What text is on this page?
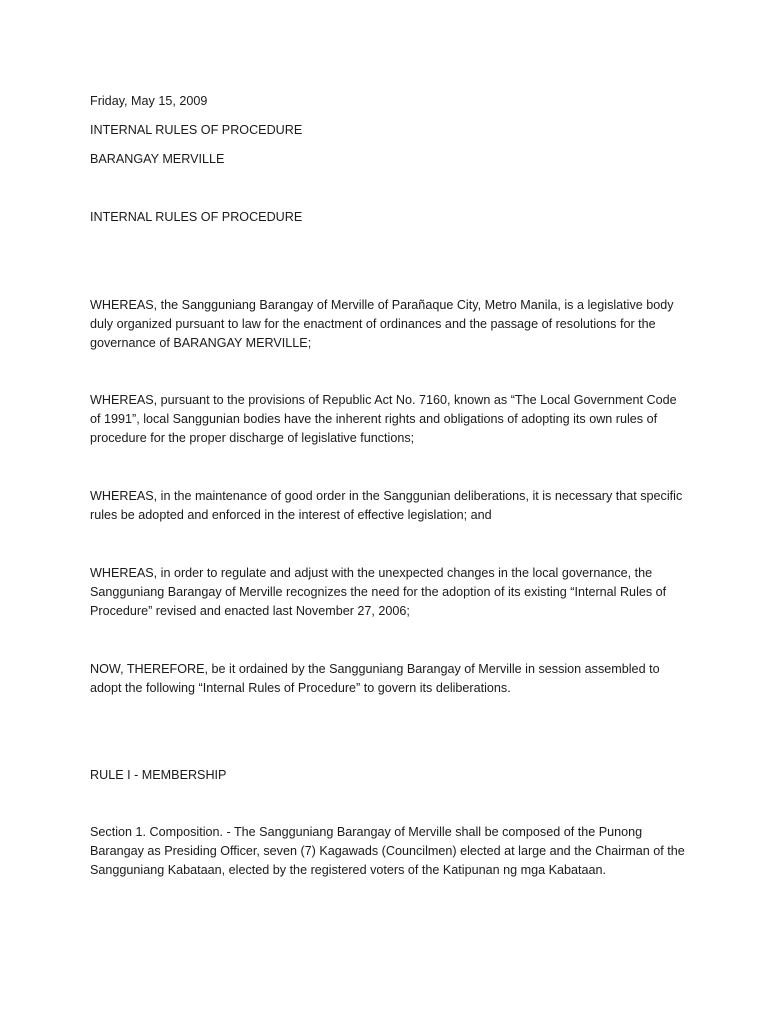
Friday, May 15, 2009

INTERNAL RULES OF PROCEDURE

BARANGAY MERVILLE

INTERNAL RULES OF PROCEDURE

WHEREAS, the Sangguniang Barangay of Merville of Parañaque City, Metro Manila, is a legislative body
duly organized pursuant to law for the enactment of ordinances and the passage of resolutions for the
governance of BARANGAY MERVILLE;
WHEREAS, pursuant to the provisions of Republic Act No. 7160, known as “The Local Government Code
of 1991”, local Sanggunian bodies have the inherent rights and obligations of adopting its own rules of
procedure for the proper discharge of legislative functions;
WHEREAS, in the maintenance of good order in the Sanggunian deliberations, it is necessary that specific
rules be adopted and enforced in the interest of effective legislation; and
WHEREAS, in order to regulate and adjust with the unexpected changes in the local governance, the
Sangguniang Barangay of Merville recognizes the need for the adoption of its existing “Internal Rules of
Procedure” revised and enacted last November 27, 2006;
NOW, THEREFORE, be it ordained by the Sangguniang Barangay of Merville in session assembled to
adopt the following “Internal Rules of Procedure” to govern its deliberations.

RULE I - MEMBERSHIP

Section 1. Composition. - The Sangguniang Barangay of Merville shall be composed of the Punong
Barangay as Presiding Officer, seven (7) Kagawads (Councilmen) elected at large and the Chairman of the
Sangguniang Kabataan, elected by the registered voters of the Katipunan ng mga Kabataan.
